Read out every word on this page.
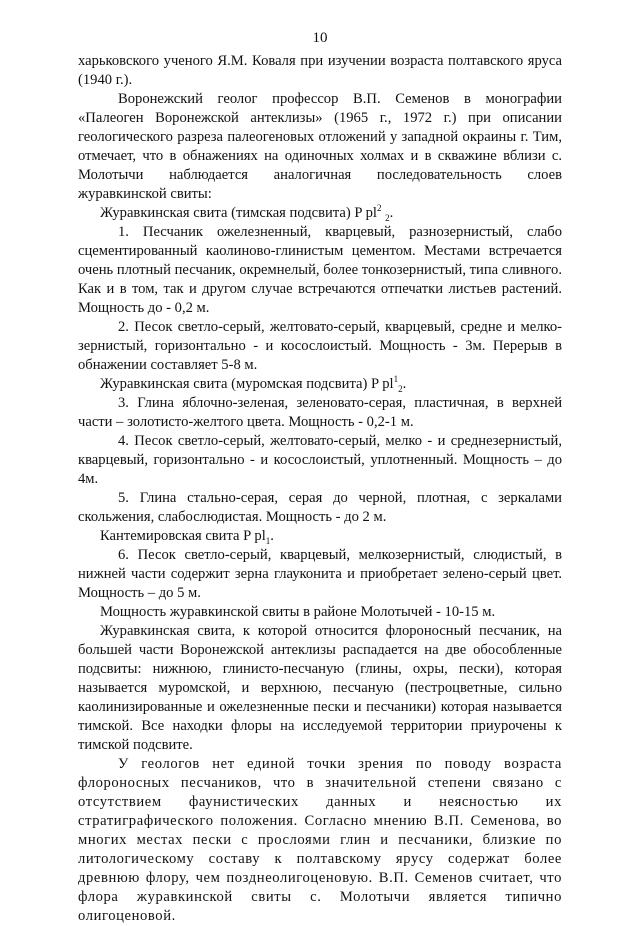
10

харьковского ученого Я.М. Коваля при изучении возраста полтавского яруса (1940 г.).

Воронежский геолог профессор В.П. Семенов в монографии «Палеоген Воронежской антеклизы» (1965 г., 1972 г.) при описании геологического разреза палеогеновых отложений у западной окраины г. Тим, отмечает, что в обнажениях на одиночных холмах и в скважине вблизи с. Молотычи наблюдается аналогичная последовательность слоев журавкинской свиты:

Журавкинская свита (тимская подсвита) P $pl^2$ $_2$.

1. Песчаник ожелезненный, кварцевый, разнозернистый, слабо сцементированный каолиново-глинистым цементом. Местами встречается очень плотный песчаник, окремнелый, более тонкозернистый, типа сливного. Как и в том, так и другом случае встречаются отпечатки листьев растений. Мощность до - 0,2 м.

2. Песок светло-серый, желтовато-серый, кварцевый, средне и мелко-зернистый, горизонтально - и косослоистый. Мощность - 3м. Перерыв в обнажении составляет 5-8 м.

Журавкинская свита (муромская подсвита) P $pl^1_2$.

3. Глина яблочно-зеленая, зеленовато-серая, пластичная, в верхней части – золотисто-желтого цвета. Мощность - 0,2-1 м.

4. Песок светло-серый, желтовато-серый, мелко - и среднезернистый, кварцевый, горизонтально - и косослоистый, уплотненный. Мощность – до 4м.

5. Глина стально-серая, серая до черной, плотная, с зеркалами скольжения, слабослюдистая. Мощность - до 2 м.

Кантемировская свита P $pl_1$.

6. Песок светло-серый, кварцевый, мелкозернистый, слюдистый, в нижней части содержит зерна глауконита и приобретает зелено-серый цвет. Мощность – до 5 м.

Мощность журавкинской свиты в районе Молотычей - 10-15 м.

Журавкинская свита, к которой относится флороносный песчаник, на большей части Воронежской антеклизы распадается на две обособленные подсвиты: нижнюю, глинисто-песчаную (глины, охры, пески), которая называется муромской, и верхнюю, песчаную (пестроцветные, сильно каолинизированные и ожелезненные пески и песчаники) которая называется тимской. Все находки флоры на исследуемой территории приурочены к тимской подсвите.

У геологов нет единой точки зрения по поводу возраста флороносных песчаников, что в значительной степени связано с отсутствием фаунистических данных и неясностью их стратиграфического положения. Согласно мнению В.П. Семенова, во многих местах пески с прослоями глин и песчаники, близкие по литологическому составу к полтавскому ярусу содержат более древнюю флору, чем позднеолигоценовую. В.П. Семенов считает, что флора журавкинской свиты с. Молотычи является типично олигоценовой.
